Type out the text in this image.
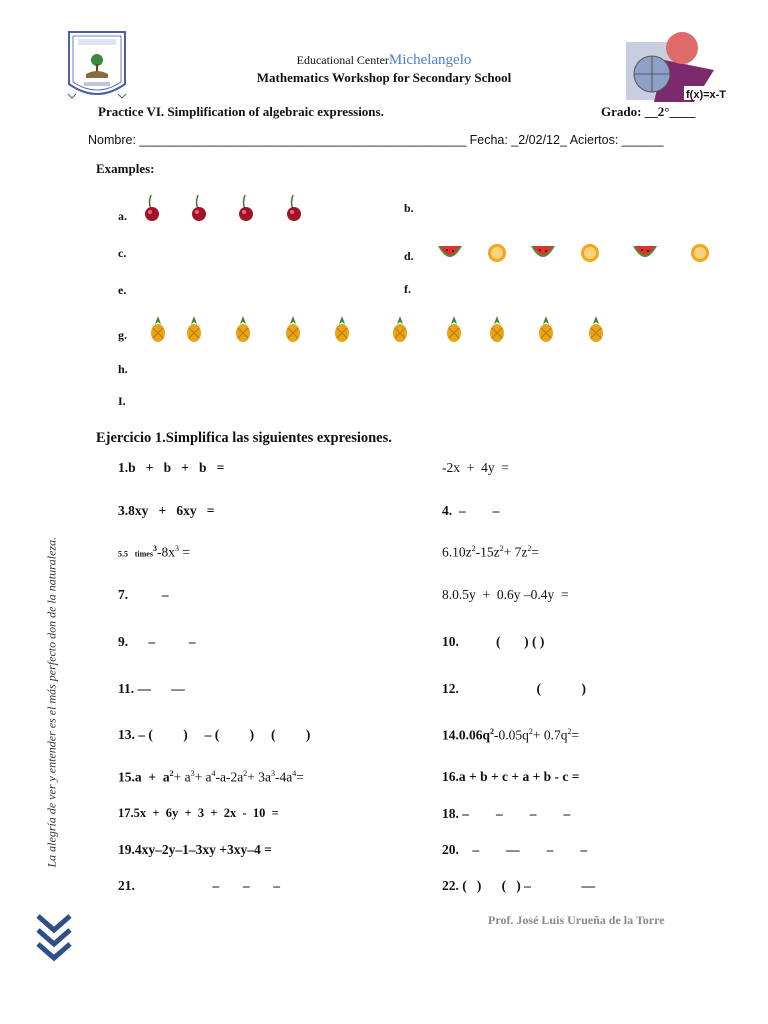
Educational CenterMichelangelo
Mathematics Workshop for Secondary School
f(x)=x-T
Practice VI. Simplification of algebraic expressions.	Grado: __2°____
Nombre: _______________________________________________ Fecha: _2/02/12_ Aciertos: ______
Examples:
a.
b.
c.	d.
e.	f.
g.
h.
I.
Ejercicio 1.Simplifica las siguientes expresiones.
1.b   +   b   +   b   =	-2x  +  4y  =
3.8xy   +   6xy   =	4.  –        –
5.5 $times^3-8x^3$ =	$6.10z^2-15z^2+ 7z^2=$
7.          –	8.0.5y  +  0.6y –0.4y  =
9.      –          –	10.           (       ) ( )
11. —      —	12.                       (            )
13. – (         )     – (         )     (         )	$14.0.06q^2-0.05q^2+ 0.7q^2=$
$15.a + a^2+ a^3+ a^4-a-2a^2+ 3a^3-4a^4=$	16.a + b + c + a + b - c =
17.5x  +  6y  +  3  +  2x  -  10  =	18. –        –        –        –
19.4xy–2y–1–3xy +3xy–4 =	20.    –        —        –        –
21.                       –       –       –	22. (   )      (   ) –               —
La alegría de ver y entender es el más perfecto don de la naturaleza.
Prof. José Luis Urueña de la Torre
